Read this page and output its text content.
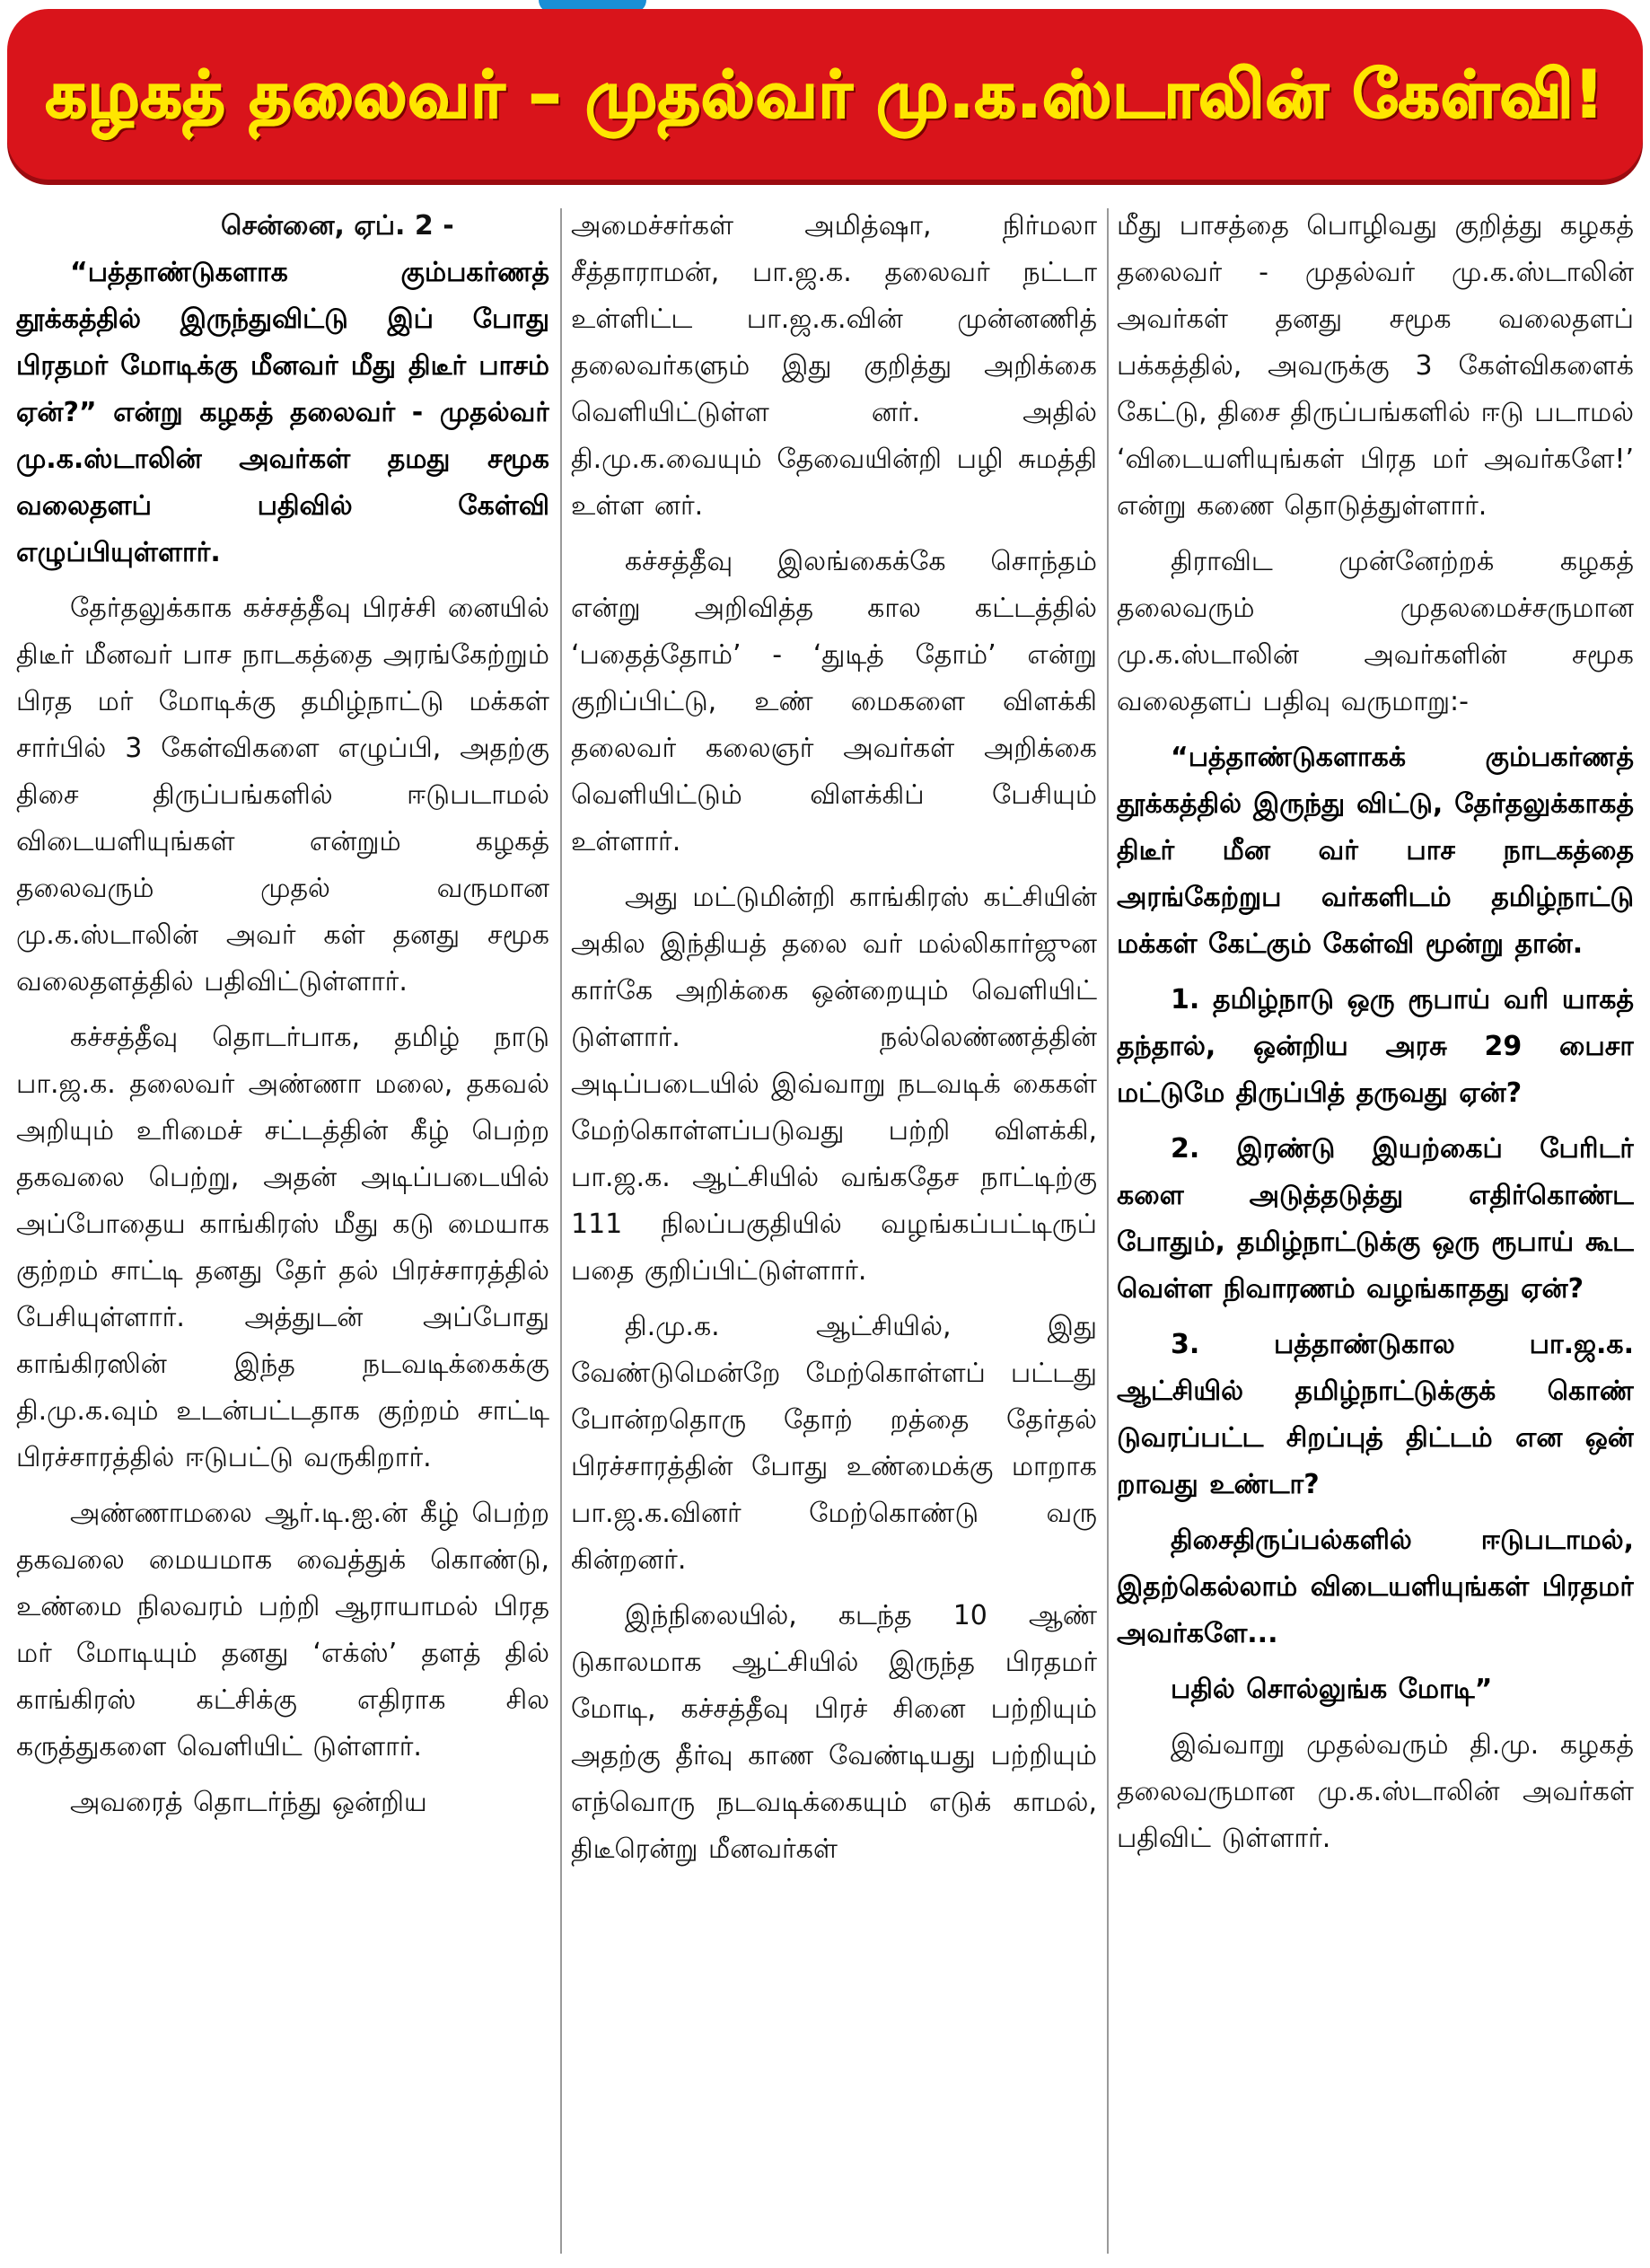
கழகத் தலைவர் – முதல்வர் மு.க.ஸ்டாலின் கேள்வி!
சென்னை, ஏப். 2 -

“பத்தாண்டுகளாக கும்பகர்ணத் தூக்கத்தில் இருந்துவிட்டு இப் போது பிரதமர் மோடிக்கு மீனவர் மீது திடீர் பாசம் ஏன்?” என்று கழகத் தலைவர் - முதல்வர் மு.க.ஸ்டாலின் அவர்கள் தமது சமூக வலைதளப் பதிவில் கேள்வி எழுப்பியுள்ளார்.

தேர்தலுக்காக கச்சத்தீவு பிரச்சி னையில் திடீர் மீனவர் பாச நாடகத்தை அரங்கேற்றும் பிரத மர் மோடிக்கு தமிழ்நாட்டு மக்கள் சார்பில் 3 கேள்விகளை எழுப்பி, அதற்கு திசை திருப்பங்களில் ஈடுபடாமல் விடையளியுங்கள் என்றும் கழகத் தலைவரும் முதல் வருமான மு.க.ஸ்டாலின் அவர் கள் தனது சமூக வலைதளத்தில் பதிவிட்டுள்ளார்.

கச்சத்தீவு தொடர்பாக, தமிழ் நாடு பா.ஜ.க. தலைவர் அண்ணா மலை, தகவல் அறியும் உரிமைச் சட்டத்தின் கீழ் பெற்ற தகவலை பெற்று, அதன் அடிப்படையில் அப்போதைய காங்கிரஸ் மீது கடு மையாக குற்றம் சாட்டி தனது தேர் தல் பிரச்சாரத்தில் பேசியுள்ளார். அத்துடன் அப்போது காங்கிரஸின் இந்த நடவடிக்கைக்கு தி.மு.க.வும் உடன்பட்டதாக குற்றம் சாட்டி பிரச்சாரத்தில் ஈடுபட்டு வருகிறார்.

அண்ணாமலை ஆர்.டி.ஐ.ன் கீழ் பெற்ற தகவலை மையமாக வைத்துக் கொண்டு, உண்மை நிலவரம் பற்றி ஆராயாமல் பிரத மர் மோடியும் தனது ‘எக்ஸ்’ தளத் தில் காங்கிரஸ் கட்சிக்கு எதிராக சில கருத்துகளை வெளியிட் டுள்ளார்.

அவரைத் தொடர்ந்து ஒன்றிய

அமைச்சர்கள் அமித்ஷா, நிர்மலா சீத்தாராமன், பா.ஜ.க. தலைவர் நட்டா உள்ளிட்ட பா.ஜ.க.வின் முன்னணித் தலைவர்களும் இது குறித்து அறிக்கை வெளியிட்டுள்ள னர். அதில் தி.மு.க.வையும் தேவையின்றி பழி சுமத்தி உள்ள னர்.

கச்சத்தீவு இலங்கைக்கே சொந்தம் என்று அறிவித்த கால கட்டத்தில் ‘பதைத்தோம்’ - ‘துடித் தோம்’ என்று குறிப்பிட்டு, உண் மைகளை விளக்கி தலைவர் கலைஞர் அவர்கள் அறிக்கை வெளியிட்டும் விளக்கிப் பேசியும் உள்ளார்.

அது மட்டுமின்றி காங்கிரஸ் கட்சியின் அகில இந்தியத் தலை வர் மல்லிகார்ஜுன கார்கே அறிக்கை ஒன்றையும் வெளியிட் டுள்ளார். நல்லெண்ணத்தின் அடிப்படையில் இவ்வாறு நடவடிக் கைகள் மேற்கொள்ளப்படுவது பற்றி விளக்கி, பா.ஜ.க. ஆட்சியில் வங்கதேச நாட்டிற்கு 111 நிலப்பகுதியில் வழங்கப்பட்டிருப் பதை குறிப்பிட்டுள்ளார்.

தி.மு.க. ஆட்சியில், இது வேண்டுமென்றே மேற்கொள்ளப் பட்டது போன்றதொரு தோற் றத்தை தேர்தல் பிரச்சாரத்தின் போது உண்மைக்கு மாறாக பா.ஜ.க.வினர் மேற்கொண்டு வரு கின்றனர்.

இந்நிலையில், கடந்த 10 ஆண் டுகாலமாக ஆட்சியில் இருந்த பிரதமர் மோடி, கச்சத்தீவு பிரச் சினை பற்றியும் அதற்கு தீர்வு காண வேண்டியது பற்றியும் எந்வொரு நடவடிக்கையும் எடுக் காமல், திடீரென்று மீனவர்கள்

மீது பாசத்தை பொழிவது குறித்து கழகத் தலைவர் - முதல்வர் மு.க.ஸ்டாலின் அவர்கள் தனது சமூக வலைதளப் பக்கத்தில், அவருக்கு 3 கேள்விகளைக் கேட்டு, திசை திருப்பங்களில் ஈடு படாமல் ‘விடையளியுங்கள் பிரத மர் அவர்களே!’ என்று கணை தொடுத்துள்ளார்.

திராவிட முன்னேற்றக் கழகத் தலைவரும் முதலமைச்சருமான மு.க.ஸ்டாலின் அவர்களின் சமூக வலைதளப் பதிவு வருமாறு:-

“பத்தாண்டுகளாகக் கும்பகர்ணத் தூக்கத்தில் இருந்து விட்டு, தேர்தலுக்காகத் திடீர் மீன வர் பாச நாடகத்தை அரங்கேற்றுப வர்களிடம் தமிழ்நாட்டு மக்கள் கேட்கும் கேள்வி மூன்று தான்.

1. தமிழ்நாடு ஒரு ரூபாய் வரி யாகத் தந்தால், ஒன்றிய அரசு 29 பைசா மட்டுமே திருப்பித் தருவது ஏன்?

2. இரண்டு இயற்கைப் பேரிடர் களை அடுத்தடுத்து எதிர்கொண்ட போதும், தமிழ்நாட்டுக்கு ஒரு ரூபாய் கூட வெள்ள நிவாரணம் வழங்காதது ஏன்?

3. பத்தாண்டுகால பா.ஜ.க. ஆட்சியில் தமிழ்நாட்டுக்குக் கொண் டுவரப்பட்ட சிறப்புத் திட்டம் என ஒன் றாவது உண்டா?

திசைதிருப்பல்களில் ஈடுபடாமல், இதற்கெல்லாம் விடையளியுங்கள் பிரதமர் அவர்களே...

பதில் சொல்லுங்க மோடி”

இவ்வாறு முதல்வரும் தி.மு. கழகத் தலைவருமான மு.க.ஸ்டாலின் அவர்கள் பதிவிட் டுள்ளார்.
